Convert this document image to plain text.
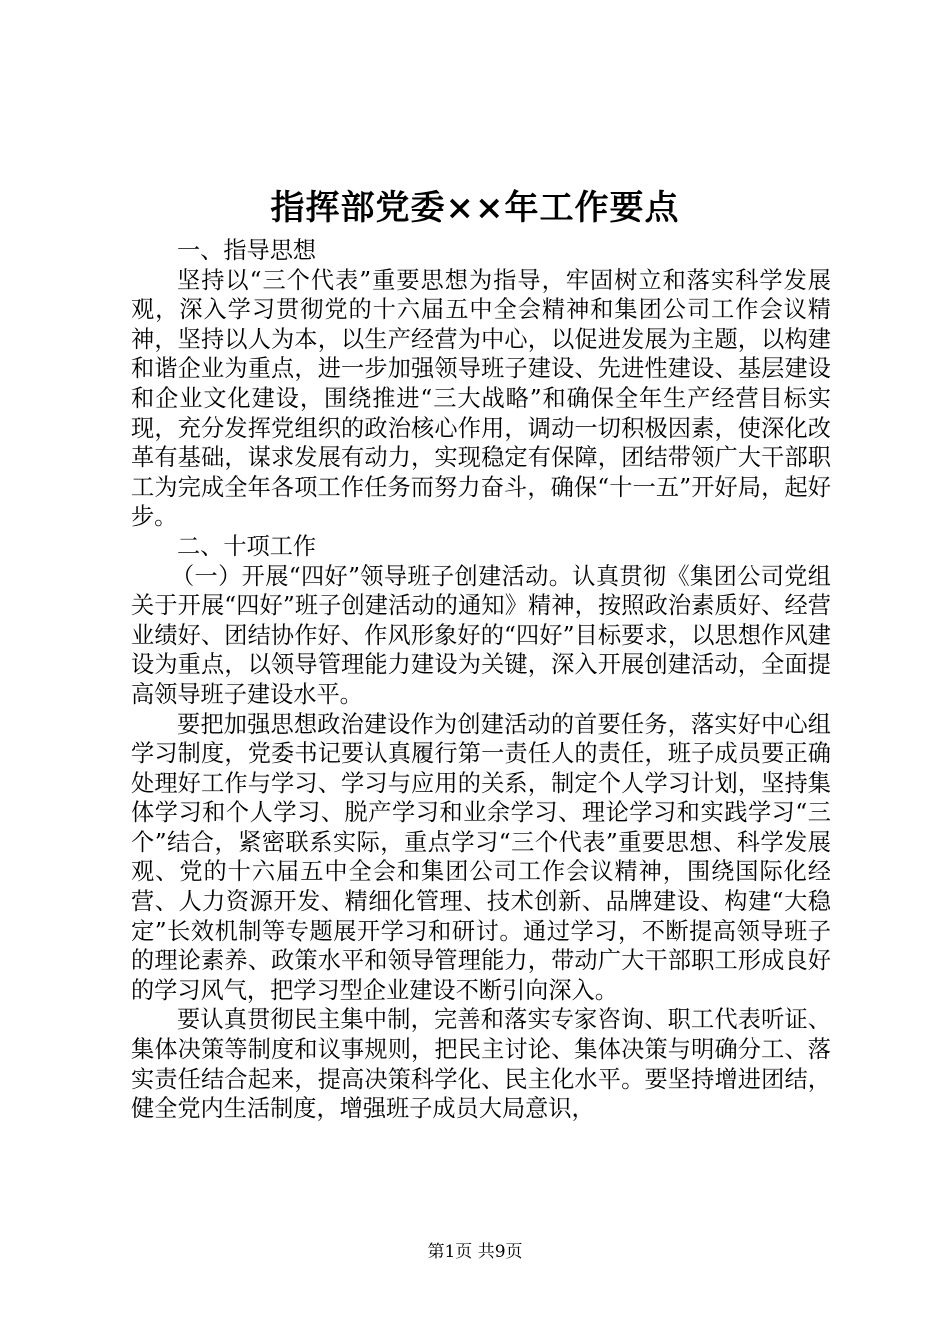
指挥部党委××年工作要点

一、指导思想

坚持以“三个代表”重要思想为指导，牢固树立和落实科学发展观，深入学习贯彻党的十六届五中全会精神和集团公司工作会议精神，坚持以人为本，以生产经营为中心，以促进发展为主题，以构建和谐企业为重点，进一步加强领导班子建设、先进性建设、基层建设和企业文化建设，围绕推进“三大战略”和确保全年生产经营目标实现，充分发挥党组织的政治核心作用，调动一切积极因素，使深化改革有基础，谋求发展有动力，实现稳定有保障，团结带领广大干部职工为完成全年各项工作任务而努力奋斗，确保“十一五”开好局，起好步。

二、十项工作

（一）开展“四好”领导班子创建活动。认真贯彻《集团公司党组关于开展“四好”班子创建活动的通知》精神，按照政治素质好、经营业绩好、团结协作好、作风形象好的“四好”目标要求，以思想作风建设为重点，以领导管理能力建设为关键，深入开展创建活动，全面提高领导班子建设水平。

要把加强思想政治建设作为创建活动的首要任务，落实好中心组学习制度，党委书记要认真履行第一责任人的责任，班子成员要正确处理好工作与学习、学习与应用的关系，制定个人学习计划，坚持集体学习和个人学习、脱产学习和业余学习、理论学习和实践学习“三个”结合，紧密联系实际，重点学习“三个代表”重要思想、科学发展观、党的十六届五中全会和集团公司工作会议精神，围绕国际化经营、人力资源开发、精细化管理、技术创新、品牌建设、构建“大稳定”长效机制等专题展开学习和研讨。通过学习，不断提高领导班子的理论素养、政策水平和领导管理能力，带动广大干部职工形成良好的学习风气，把学习型企业建设不断引向深入。

要认真贯彻民主集中制，完善和落实专家咨询、职工代表听证、集体决策等制度和议事规则，把民主讨论、集体决策与明确分工、落实责任结合起来，提高决策科学化、民主化水平。要坚持增进团结，健全党内生活制度，增强班子成员大局意识，

第1页 共9页
